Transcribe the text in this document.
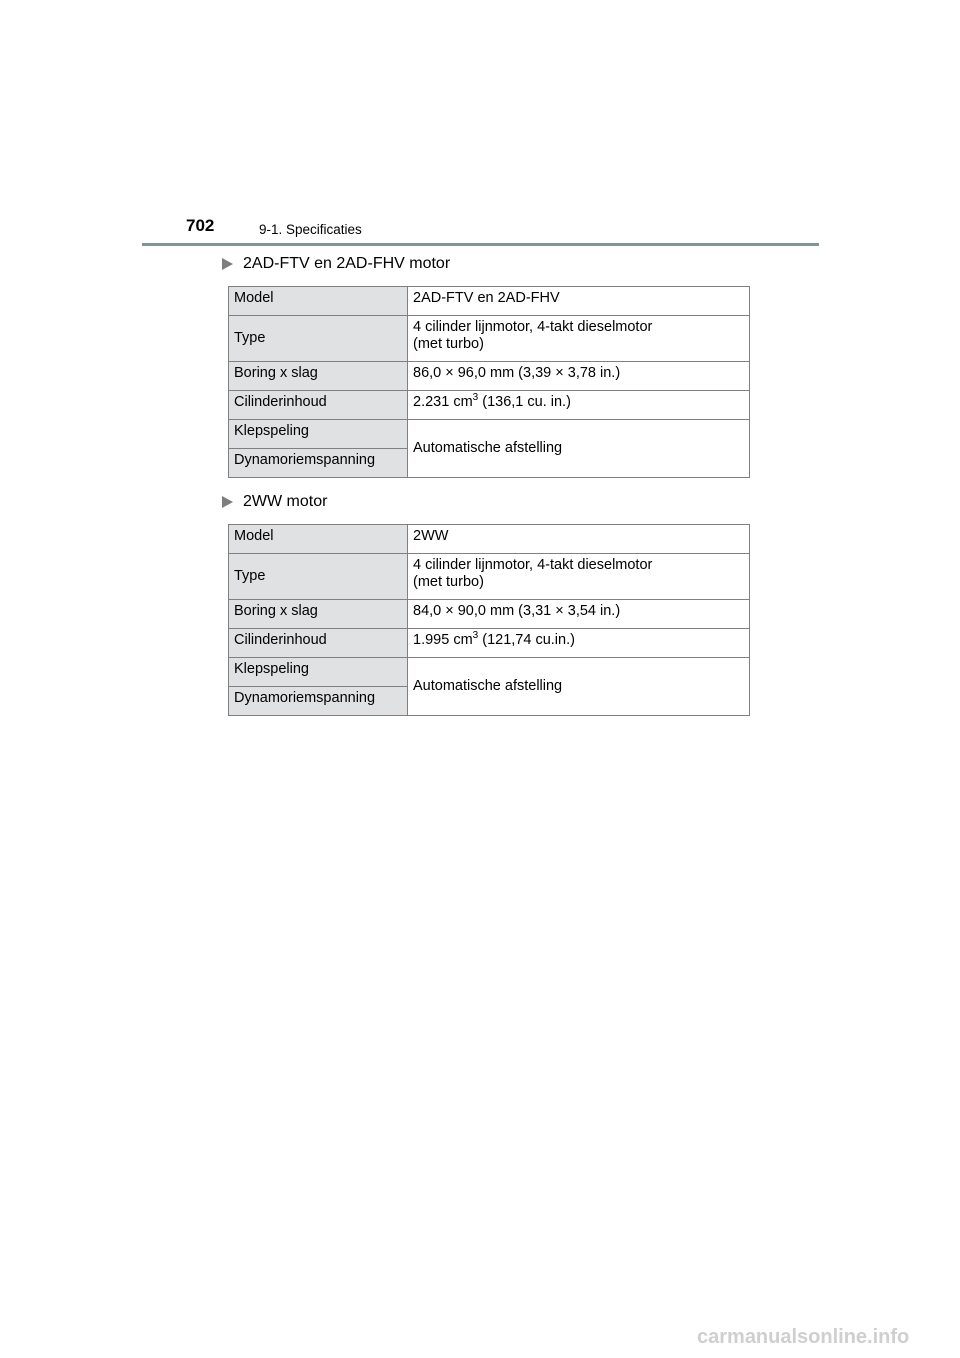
702	9-1. Specificaties
2AD-FTV en 2AD-FHV motor
Model	2AD-FTV en 2AD-FHV
Type	4 cilinder lijnmotor, 4-takt dieselmotor
(met turbo)

Boring x slag	86,0 × 96,0 mm (3,39 × 3,78 in.)
Cilinderinhoud	2.231 $cm^3$ (136,1 cu. in.)
Klepspeling	Automatische afstelling
Dynamoriemspanning	
2WW motor
Model	2WW
Type	4 cilinder lijnmotor, 4-takt dieselmotor
(met turbo)

Boring x slag	84,0 × 90,0 mm (3,31 × 3,54 in.)
Cilinderinhoud	1.995 $cm^3$ (121,74 cu.in.)
Klepspeling	Automatische afstelling
Dynamoriemspanning	
carmanualsonline.info
